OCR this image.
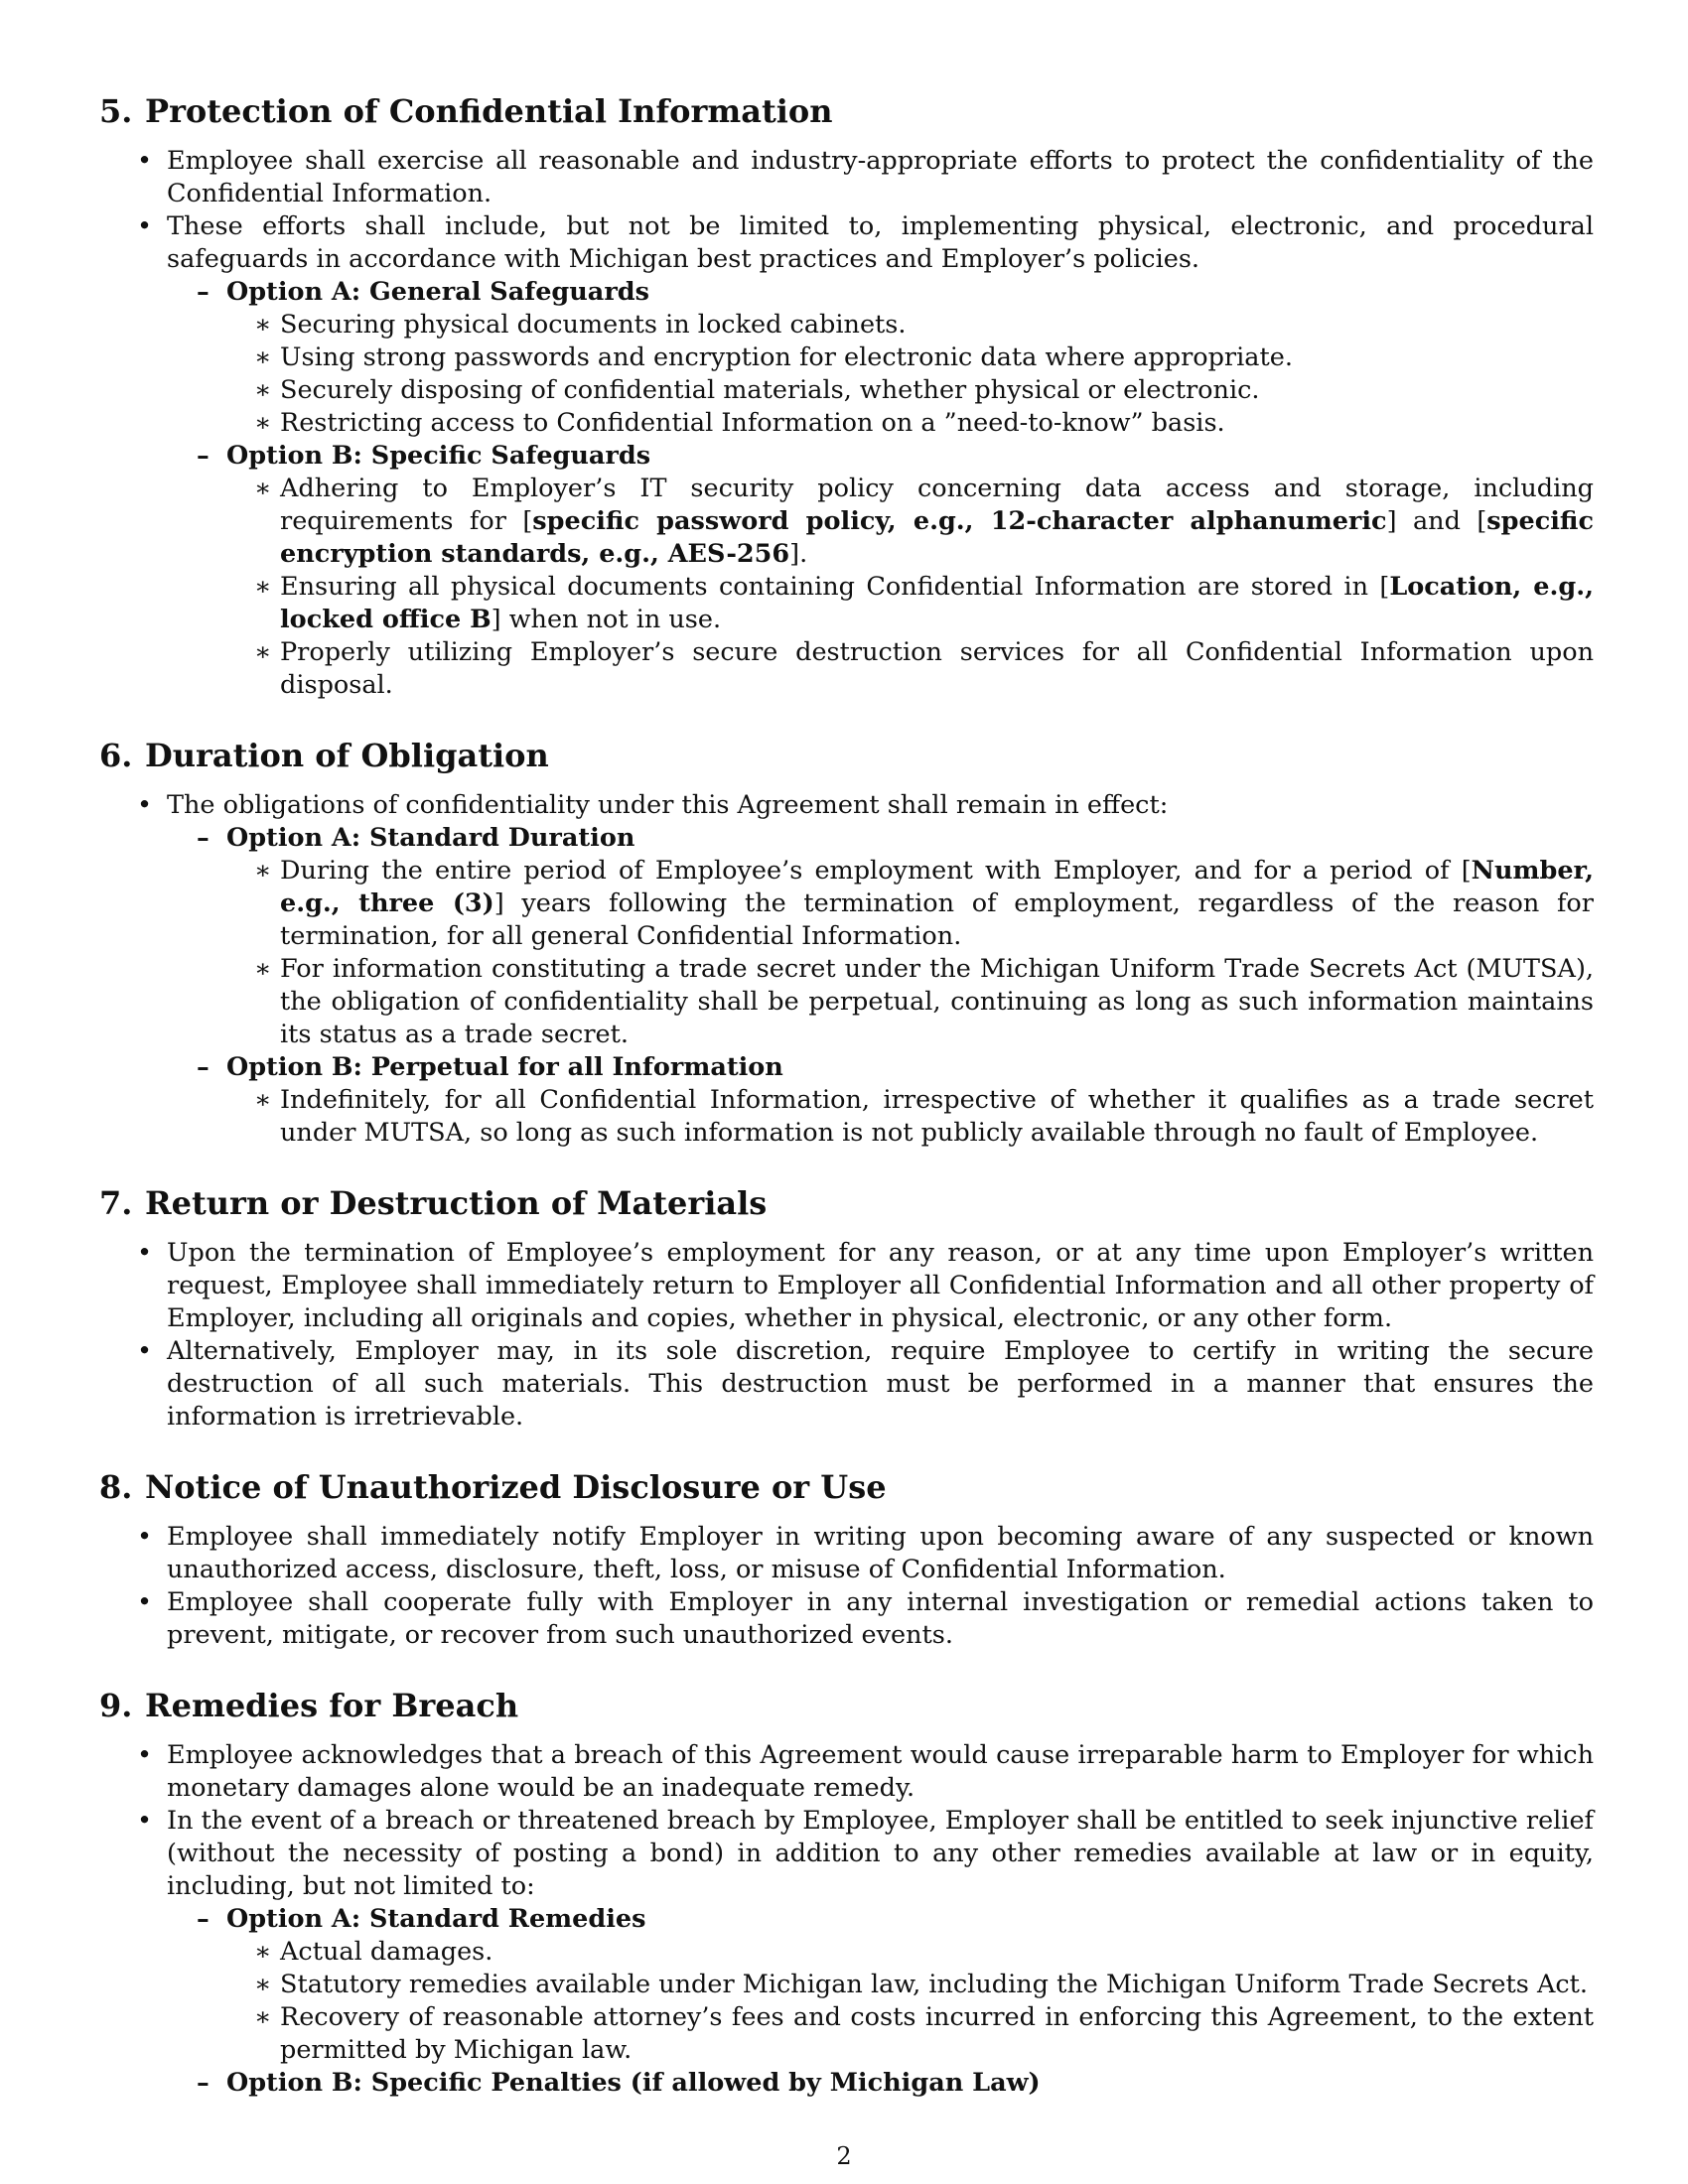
5. Protection of Confidential Information
• Employee shall exercise all reasonable and industry-appropriate efforts to protect the confidentiality of the Confidential Information.
• These efforts shall include, but not be limited to, implementing physical, electronic, and procedural safeguards in accordance with Michigan best practices and Employer’s policies.
– Option A: General Safeguards
∗ Securing physical documents in locked cabinets.
∗ Using strong passwords and encryption for electronic data where appropriate.
∗ Securely disposing of confidential materials, whether physical or electronic.
∗ Restricting access to Confidential Information on a ”need-to-know” basis.
– Option B: Specific Safeguards
∗ Adhering to Employer’s IT security policy concerning data access and storage, including requirements for [specific password policy, e.g., 12-character alphanumeric] and [specific encryption standards, e.g., AES-256].
∗ Ensuring all physical documents containing Confidential Information are stored in [Location, e.g., locked office B] when not in use.
∗ Properly utilizing Employer’s secure destruction services for all Confidential Information upon disposal.
6. Duration of Obligation
• The obligations of confidentiality under this Agreement shall remain in effect:
– Option A: Standard Duration
∗ During the entire period of Employee’s employment with Employer, and for a period of [Number, e.g., three (3)] years following the termination of employment, regardless of the reason for termination, for all general Confidential Information.
∗ For information constituting a trade secret under the Michigan Uniform Trade Secrets Act (MUTSA), the obligation of confidentiality shall be perpetual, continuing as long as such information maintains its status as a trade secret.
– Option B: Perpetual for all Information
∗ Indefinitely, for all Confidential Information, irrespective of whether it qualifies as a trade secret under MUTSA, so long as such information is not publicly available through no fault of Employee.
7. Return or Destruction of Materials
• Upon the termination of Employee’s employment for any reason, or at any time upon Employer’s written request, Employee shall immediately return to Employer all Confidential Information and all other property of Employer, including all originals and copies, whether in physical, electronic, or any other form.
• Alternatively, Employer may, in its sole discretion, require Employee to certify in writing the secure destruction of all such materials. This destruction must be performed in a manner that ensures the information is irretrievable.
8. Notice of Unauthorized Disclosure or Use
• Employee shall immediately notify Employer in writing upon becoming aware of any suspected or known unauthorized access, disclosure, theft, loss, or misuse of Confidential Information.
• Employee shall cooperate fully with Employer in any internal investigation or remedial actions taken to prevent, mitigate, or recover from such unauthorized events.
9. Remedies for Breach
• Employee acknowledges that a breach of this Agreement would cause irreparable harm to Employer for which monetary damages alone would be an inadequate remedy.
• In the event of a breach or threatened breach by Employee, Employer shall be entitled to seek injunctive relief (without the necessity of posting a bond) in addition to any other remedies available at law or in equity, including, but not limited to:
– Option A: Standard Remedies
∗ Actual damages.
∗ Statutory remedies available under Michigan law, including the Michigan Uniform Trade Secrets Act.
∗ Recovery of reasonable attorney’s fees and costs incurred in enforcing this Agreement, to the extent permitted by Michigan law.
– Option B: Specific Penalties (if allowed by Michigan Law)
2
